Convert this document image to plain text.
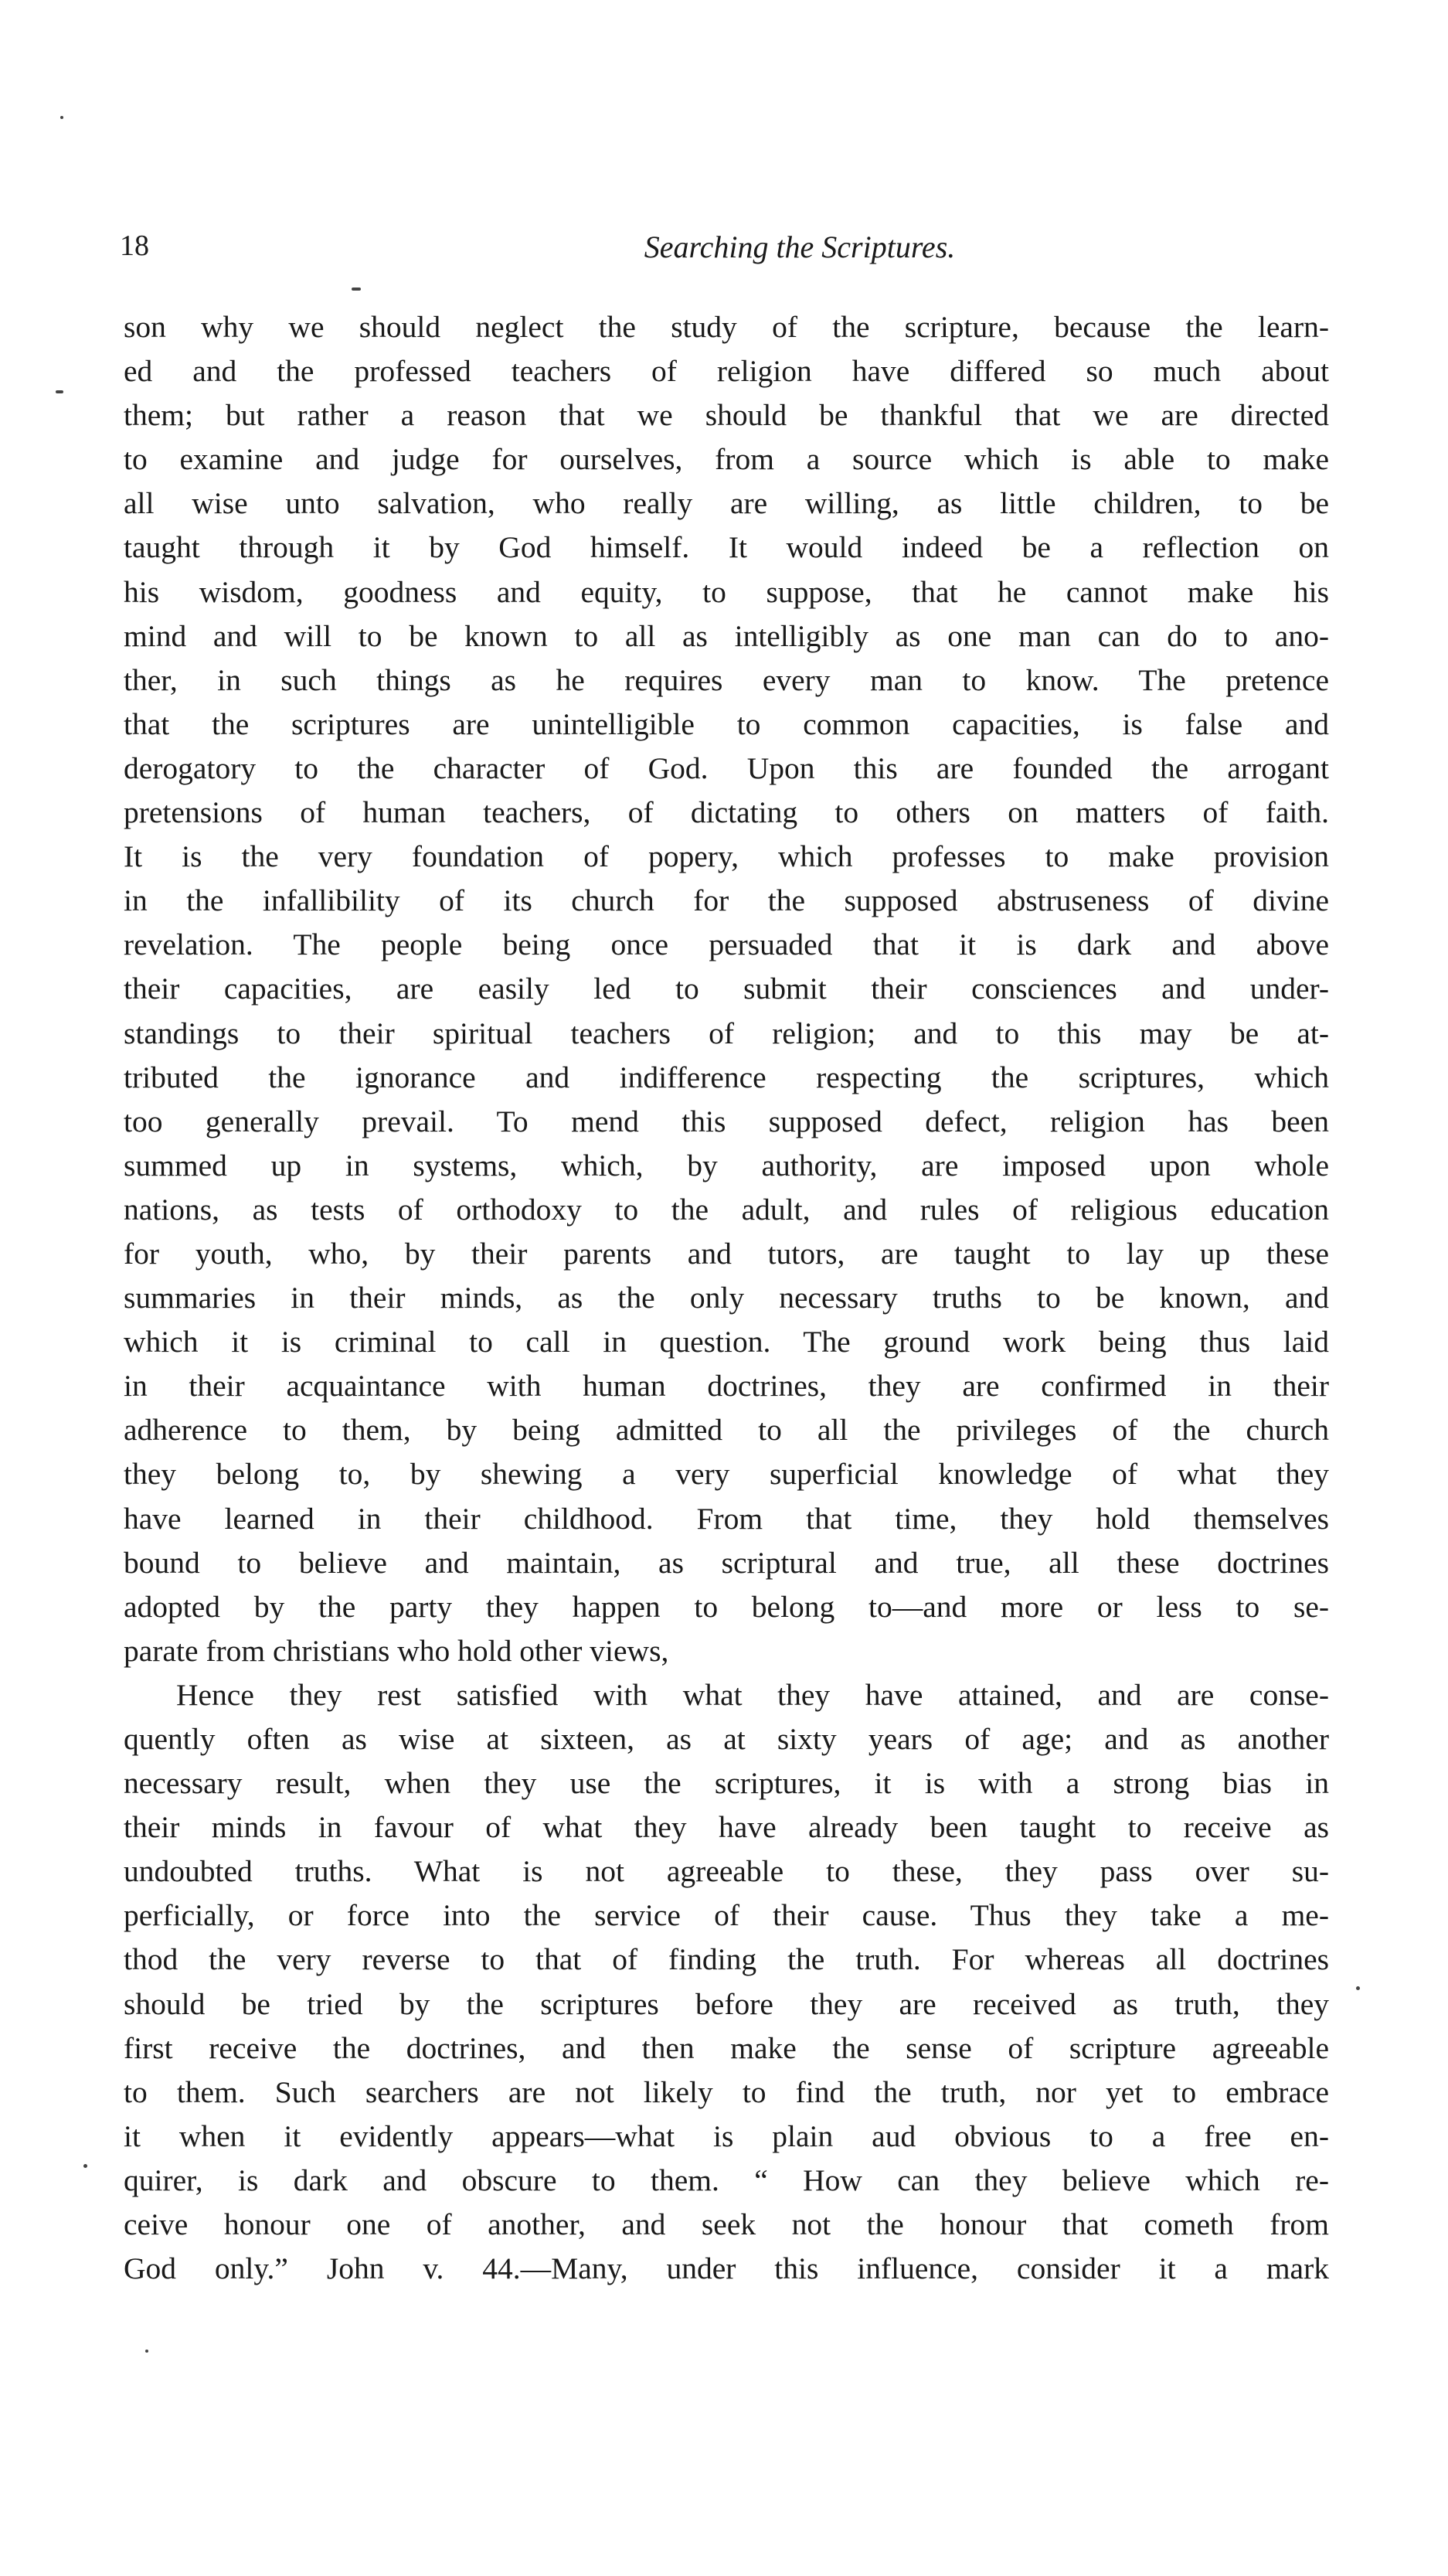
18	Searching the Scriptures.
son why we should neglect the study of the scripture, because the learn-
ed and the professed teachers of religion have differed so much about
them; but rather a reason that we should be thankful that we are directed
to examine and judge for ourselves, from a source which is able to make
all wise unto salvation, who really are willing, as little children, to be
taught through it by God himself. It would indeed be a reflection on
his wisdom, goodness and equity, to suppose, that he cannot make his
mind and will to be known to all as intelligibly as one man can do to ano-
ther, in such things as he requires every man to know. The pretence
that the scriptures are unintelligible to common capacities, is false and
derogatory to the character of God. Upon this are founded the arrogant
pretensions of human teachers, of dictating to others on matters of faith.
It is the very foundation of popery, which professes to make provision
in the infallibility of its church for the supposed abstruseness of divine
revelation. The people being once persuaded that it is dark and above
their capacities, are easily led to submit their consciences and under-
standings to their spiritual teachers of religion; and to this may be at-
tributed the ignorance and indifference respecting the scriptures, which
too generally prevail. To mend this supposed defect, religion has been
summed up in systems, which, by authority, are imposed upon whole
nations, as tests of orthodoxy to the adult, and rules of religious education
for youth, who, by their parents and tutors, are taught to lay up these
summaries in their minds, as the only necessary truths to be known, and
which it is criminal to call in question. The ground work being thus laid
in their acquaintance with human doctrines, they are confirmed in their
adherence to them, by being admitted to all the privileges of the church
they belong to, by shewing a very superficial knowledge of what they
have learned in their childhood. From that time, they hold themselves
bound to believe and maintain, as scriptural and true, all these doctrines
adopted by the party they happen to belong to—and more or less to se-
parate from christians who hold other views,
Hence they rest satisfied with what they have attained, and are conse-
quently often as wise at sixteen, as at sixty years of age; and as another
necessary result, when they use the scriptures, it is with a strong bias in
their minds in favour of what they have already been taught to receive as
undoubted truths. What is not agreeable to these, they pass over su-
perficially, or force into the service of their cause. Thus they take a me-
thod the very reverse to that of finding the truth. For whereas all doctrines
should be tried by the scriptures before they are received as truth, they
first receive the doctrines, and then make the sense of scripture agreeable
to them. Such searchers are not likely to find the truth, nor yet to embrace
it when it evidently appears—what is plain aud obvious to a free en-
quirer, is dark and obscure to them. “ How can they believe which re-
ceive honour one of another, and seek not the honour that cometh from
God only.” John v. 44.—Many, under this influence, consider it a mark
